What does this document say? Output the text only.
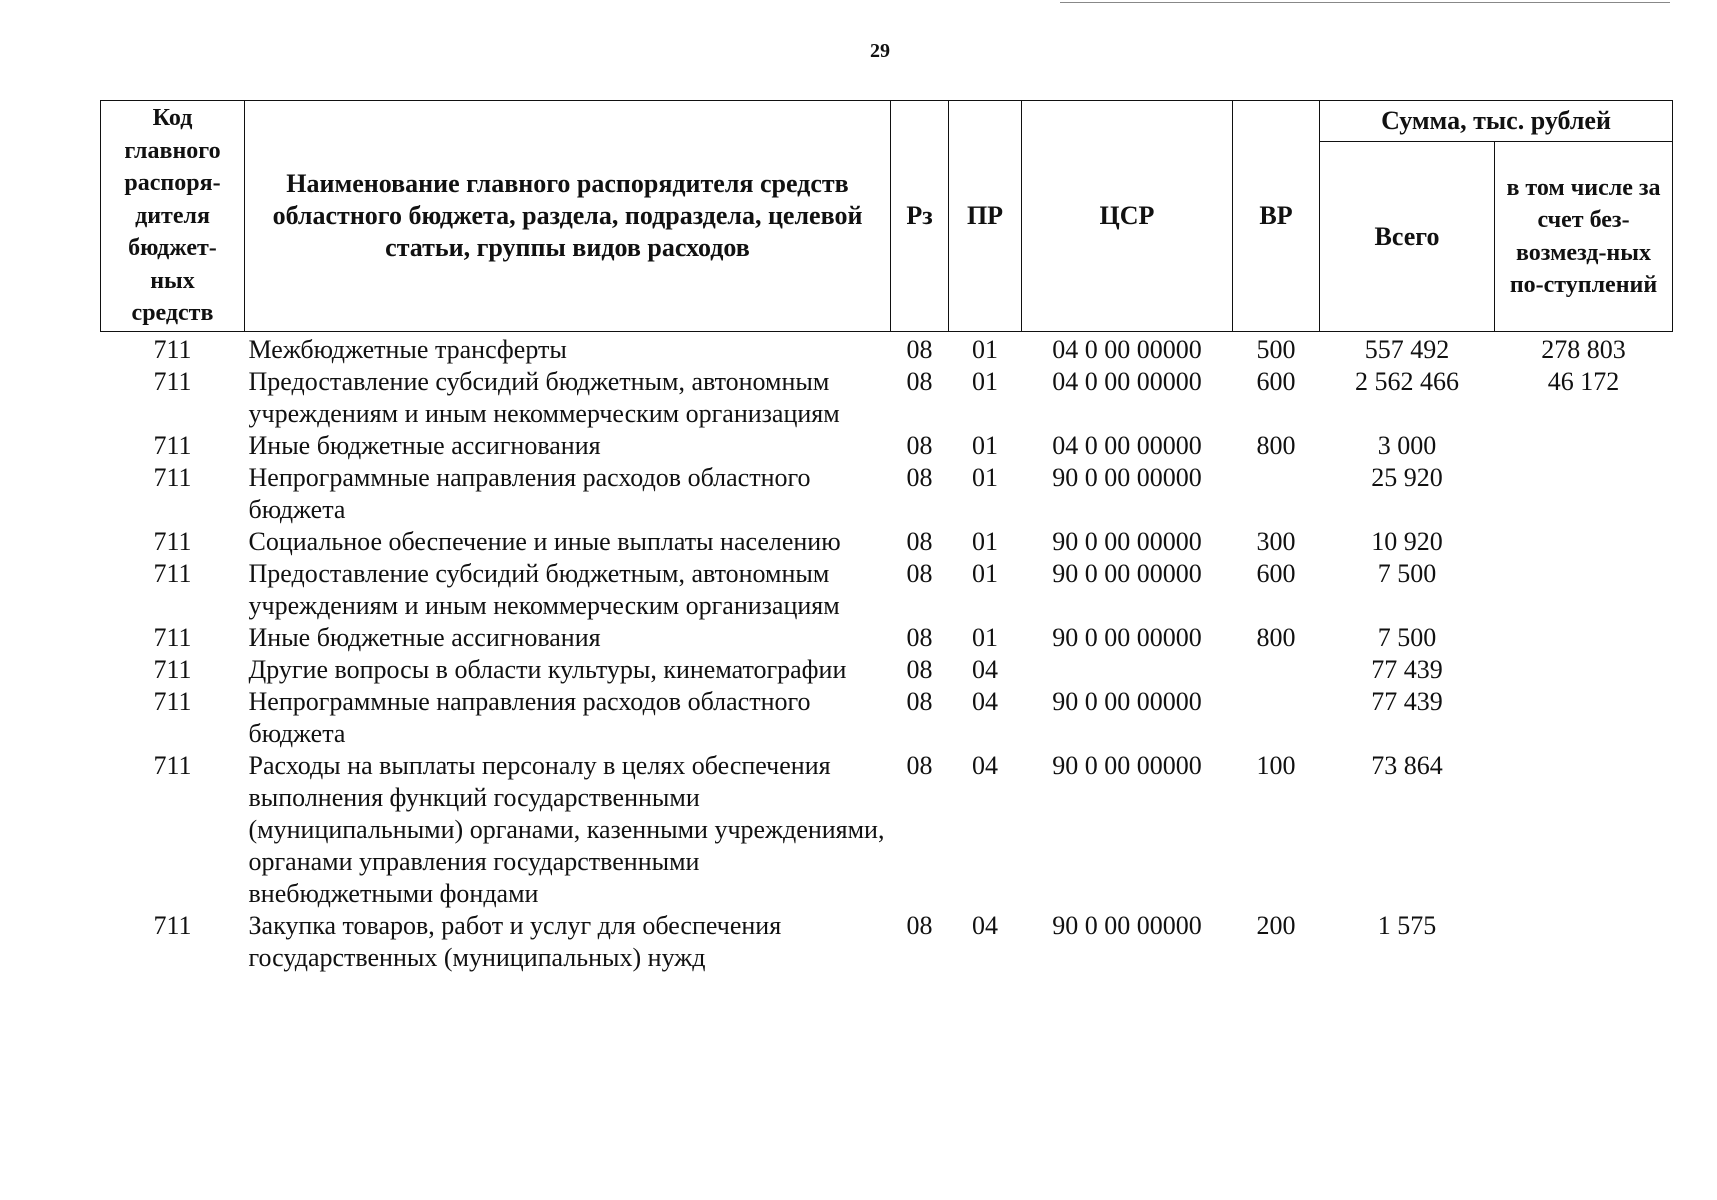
29
Код главного распоря-дителя бюджет-ных средств	Наименование главного распорядителя средств областного бюджета, раздела, подраздела, целевой статьи, группы видов расходов	Рз	ПР	ЦСР	ВР	Сумма, тыс. рублей	
						Всего	в том числе за счет без-возмезд-ных по-ступлений
711	Межбюджетные трансферты	08	01	04 0 00 00000	500	557 492	278 803
711	Предоставление субсидий бюджетным, автономным учреждениям и иным некоммерческим организациям	08	01	04 0 00 00000	600	2 562 466	46 172
711	Иные бюджетные ассигнования	08	01	04 0 00 00000	800	3 000	
711	Непрограммные направления расходов областного бюджета	08	01	90 0 00 00000		25 920	
711	Социальное обеспечение и иные выплаты населению	08	01	90 0 00 00000	300	10 920	
711	Предоставление субсидий бюджетным, автономным учреждениям и иным некоммерческим организациям	08	01	90 0 00 00000	600	7 500	
711	Иные бюджетные ассигнования	08	01	90 0 00 00000	800	7 500	
711	Другие вопросы в области культуры, кинематографии	08	04			77 439	
711	Непрограммные направления расходов областного бюджета	08	04	90 0 00 00000		77 439	
711	Расходы на выплаты персоналу в целях обеспечения выполнения функций государственными (муниципальными) органами, казенными учреждениями, органами управления государственными внебюджетными фондами	08	04	90 0 00 00000	100	73 864	
711	Закупка товаров, работ и услуг для обеспечения государственных (муниципальных) нужд	08	04	90 0 00 00000	200	1 575	
